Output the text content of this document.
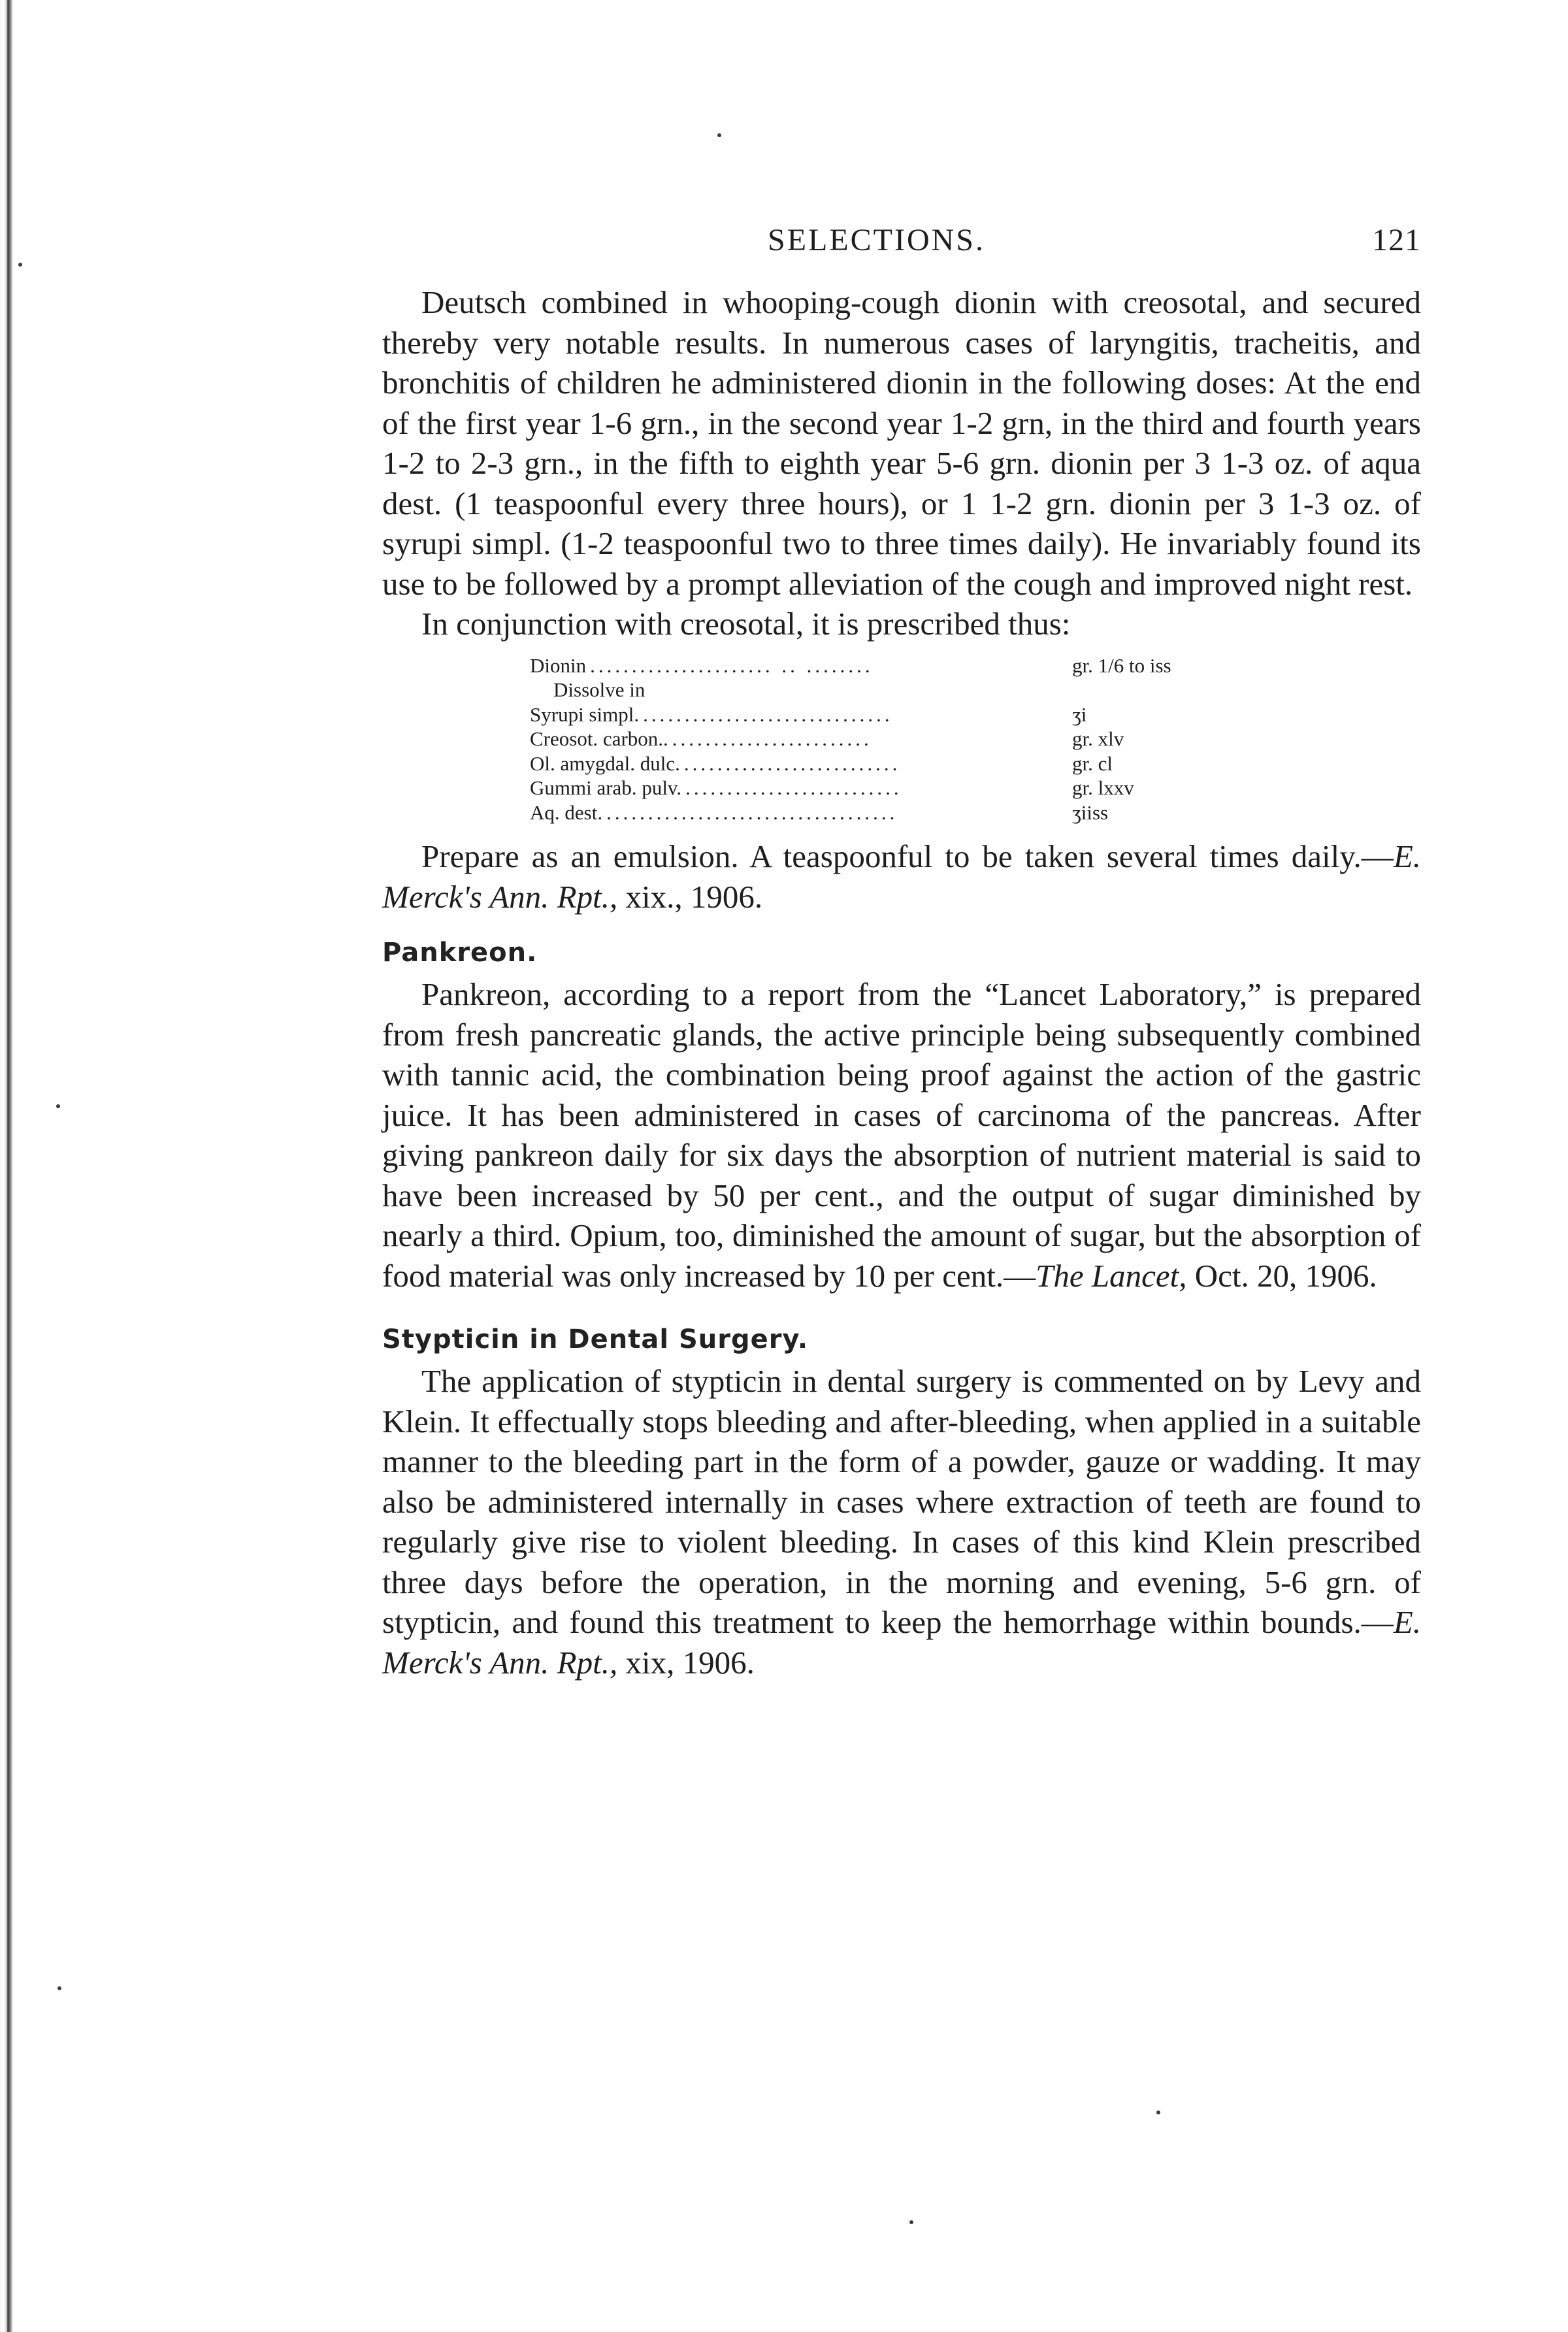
SELECTIONS.	121

Deutsch combined in whooping-cough dionin with creosotal, and secured thereby very notable results. In numerous cases of laryngitis, tracheitis, and bronchitis of children he administered dionin in the following doses: At the end of the first year 1-6 grn., in the second year 1-2 grn, in the third and fourth years 1-2 to 2-3 grn., in the fifth to eighth year 5-6 grn. dionin per 3 1-3 oz. of aqua dest. (1 teaspoonful every three hours), or 1 1-2 grn. dionin per 3 1-3 oz. of syrupi simpl. (1-2 teaspoonful two to three times daily). He invariably found its use to be followed by a prompt alleviation of the cough and improved night rest.

In conjunction with creosotal, it is prescribed thus:

Dionin ...................... .. ........	gr. 1/6 to iss
Dissolve in
Syrupi simpl. ..............................	ʒi
Creosot. carbon.. ........................	gr. xlv
Ol. amygdal. dulc. ..........................	gr. cl
Gummi arab. pulv. ..........................	gr. lxxv
Aq. dest. ...................................	ʒiiss

Prepare as an emulsion. A teaspoonful to be taken several times daily.—E. Merck's Ann. Rpt., xix., 1906.

Pankreon.

Pankreon, according to a report from the “Lancet Laboratory,” is prepared from fresh pancreatic glands, the active principle being subsequently combined with tannic acid, the combination being proof against the action of the gastric juice. It has been administered in cases of carcinoma of the pancreas. After giving pankreon daily for six days the absorption of nutrient material is said to have been increased by 50 per cent., and the output of sugar diminished by nearly a third. Opium, too, diminished the amount of sugar, but the absorption of food material was only increased by 10 per cent.—The Lancet, Oct. 20, 1906.

Stypticin in Dental Surgery.

The application of stypticin in dental surgery is commented on by Levy and Klein. It effectually stops bleeding and after-bleeding, when applied in a suitable manner to the bleeding part in the form of a powder, gauze or wadding. It may also be administered internally in cases where extraction of teeth are found to regularly give rise to violent bleeding. In cases of this kind Klein prescribed three days before the operation, in the morning and evening, 5-6 grn. of stypticin, and found this treatment to keep the hemorrhage within bounds.—E. Merck's Ann. Rpt., xix, 1906.
